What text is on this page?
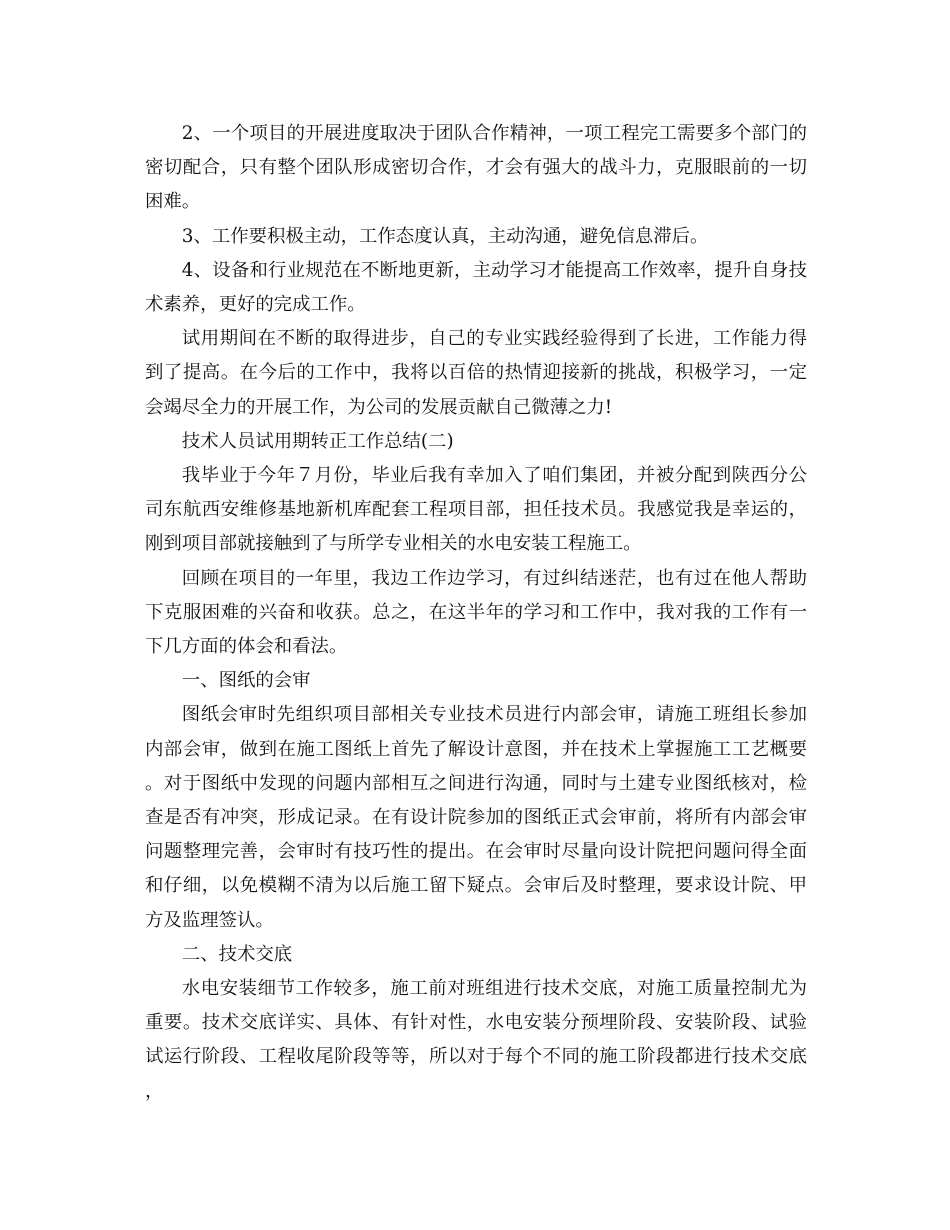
2、一个项目的开展进度取决于团队合作精神，一项工程完工需要多个部门的密切配合，只有整个团队形成密切合作，才会有强大的战斗力，克服眼前的一切困难。

3、工作要积极主动，工作态度认真，主动沟通，避免信息滞后。

4、设备和行业规范在不断地更新，主动学习才能提高工作效率，提升自身技术素养，更好的完成工作。

试用期间在不断的取得进步，自己的专业实践经验得到了长进，工作能力得到了提高。在今后的工作中，我将以百倍的热情迎接新的挑战，积极学习，一定会竭尽全力的开展工作，为公司的发展贡献自己微薄之力!

技术人员试用期转正工作总结(二)

我毕业于今年７月份，毕业后我有幸加入了咱们集团，并被分配到陕西分公司东航西安维修基地新机库配套工程项目部，担任技术员。我感觉我是幸运的，刚到项目部就接触到了与所学专业相关的水电安装工程施工。

回顾在项目的一年里，我边工作边学习，有过纠结迷茫，也有过在他人帮助下克服困难的兴奋和收获。总之，在这半年的学习和工作中，我对我的工作有一下几方面的体会和看法。

一、图纸的会审

图纸会审时先组织项目部相关专业技术员进行内部会审，请施工班组长参加内部会审，做到在施工图纸上首先了解设计意图，并在技术上掌握施工工艺概要。对于图纸中发现的问题内部相互之间进行沟通，同时与土建专业图纸核对，检查是否有冲突，形成记录。在有设计院参加的图纸正式会审前，将所有内部会审问题整理完善，会审时有技巧性的提出。在会审时尽量向设计院把问题问得全面和仔细，以免模糊不清为以后施工留下疑点。会审后及时整理，要求设计院、甲方及监理签认。

二、技术交底

水电安装细节工作较多，施工前对班组进行技术交底，对施工质量控制尤为重要。技术交底详实、具体、有针对性，水电安装分预埋阶段、安装阶段、试验试运行阶段、工程收尾阶段等等，所以对于每个不同的施工阶段都进行技术交底，
